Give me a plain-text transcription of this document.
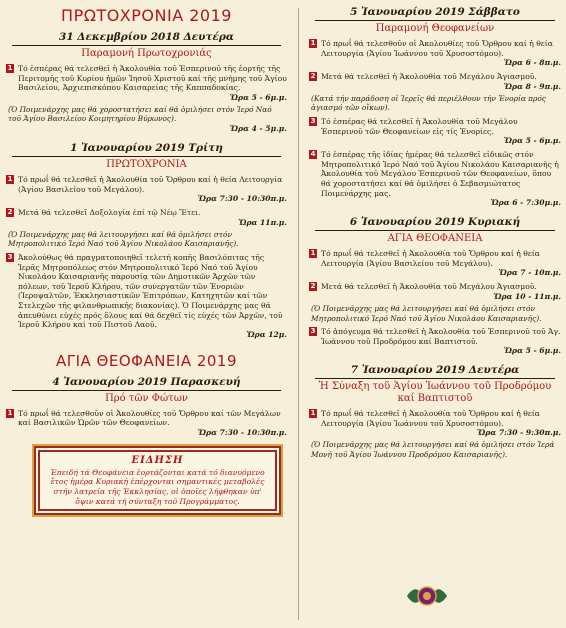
ΠΡΩΤΟΧΡΟΝΙΑ 2019

31 Δεκεμβρίου 2018 Δευτέρα

Παραμονή Πρωτοχρονιάς

1 Τό ἑσπέρας θά τελεσθεῖ ἡ Ἀκολουθία τοῦ Ἑσπερινοῦ τῆς ἑορτῆς τῆς Περιτομῆς τοῦ Κυρίου ἡμῶν Ἰησοῦ Χριστοῦ καί τῆς μνήμης τοῦ Ἁγίου Βασιλείου, Ἀρχιεπισκόπου Καισαρείας τῆς Καππαδοκίας.
Ὥρα 5 - 6μ.μ.
(Ὁ Ποιμενάρχης μας θά χοροστατήσει καί θά ὁμιλήσει στόν Ἱερό Ναό τοῦ Ἁγίου Βασιλείου Κοιμητηρίου Βύρωνος).
Ὥρα 4 - 5μ.μ.

1 Ἰανουαρίου 2019 Τρίτη

ΠΡΩΤΟΧΡΟΝΙΑ

1 Τό πρωΐ θά τελεσθεῖ ἡ Ἀκολουθία τοῦ Ὄρθρου καί ἡ θεία Λειτουργία (Ἁγίου Βασιλείου τοῦ Μεγάλου).
Ὥρα 7:30 - 10:30π.μ.
2 Μετά θά τελεσθεῖ Δοξολογία ἐπί τῷ Νέῳ Ἔτει.
Ὥρα 11π.μ.
(Ὁ Ποιμενάρχης μας θά λειτουργήσει καί θά ὁμιλήσει στόν Μητροπολιτικό Ἱερό Ναό τοῦ Ἁγίου Νικολάου Καισαριανῆς).
3 Ἀκολούθως θά πραγματοποιηθεῖ τελετή κοπῆς Βασιλόπιτας τῆς Ἱερᾶς Μητροπόλεως στόν Μητροπολιτικό Ἱερό Ναό τοῦ Ἁγίου Νικολάου Καισαριανῆς παρουσίᾳ τῶν Δημοτικῶν Ἀρχῶν τῶν πόλεων, τοῦ Ἱεροῦ Κλήρου, τῶν συνεργατῶν τῶν Ἐνοριῶν (Ἱεροψαλτῶν, Ἐκκλησιαστικῶν Ἐπιτρόπων, Κατηχητῶν καί τῶν Στελεχῶν τῆς φιλανθρωπικῆς διακονίας). Ὁ Ποιμενάρχης μας θά ἀπευθύνει εὐχές πρός ὅλους καί θά δεχθεῖ τίς εὐχές τῶν Ἀρχῶν, τοῦ Ἱεροῦ Κλήρου καί τοῦ Πιστοῦ Λαοῦ.
Ὥρα 12μ.
ΑΓΙΑ ΘΕΟΦΑΝΕΙΑ 2019

4 Ἰανουαρίου 2019 Παρασκευή

Πρό τῶν Φώτων

1 Τό πρωΐ θά τελεσθοῦν οἱ Ἀκολουθίες τοῦ Ὄρθρου καί τῶν Μεγάλων καί Βασιλικῶν Ὡρῶν τῶν Θεοφανείων.
Ὥρα 7:30 - 10:30π.μ.

ΕΙΔΗΣΗ

Ἐπειδή τά Θεοφάνεια ἑορτάζονται κατά τό διανυόμενο ἔτος ἡμέρα Κυριακή ἐπέρχονται σημαντικές μεταβολές στήν λατρεία τῆς Ἐκκλησίας, οἱ ὁποῖες λήφθηκαν ὑπ' ὄψιν κατά τή σύνταξη τοῦ Προγράμματος.

5 Ἰανουαρίου 2019 Σάββατο

Παραμονή Θεοφανείων

1 Τό πρωΐ θά τελεσθοῦν οἱ Ἀκολουθίες τοῦ Ὄρθρου καί ἡ θεία Λειτουργία (Ἁγίου Ἰωάννου τοῦ Χρυσοστόμου).
Ὥρα 6 - 8π.μ.
2 Μετά θά τελεσθεῖ ἡ Ἀκολουθία τοῦ Μεγάλου Ἁγιασμοῦ.
Ὥρα 8 - 9π.μ.
(Κατά τήν παράδοση οἱ Ἱερεῖς θά περιέλθουν τήν Ἐνορία πρός ἁγιασμό τῶν οἴκων).
3 Τό ἑσπέρας θά τελεσθεῖ ἡ Ἀκολουθία τοῦ Μεγάλου Ἑσπερινοῦ τῶν Θεοφανείων εἰς τίς Ἐνορίες.
Ὥρα 5 - 6μ.μ.
4 Τό ἑσπέρας τῆς ἰδίας ἡμέρας θά τελεσθεῖ εἰδικῶς στόν Μητροπολιτικό Ἱερό Ναό τοῦ Ἁγίου Νικολάου Καισαριανῆς ἡ Ἀκολουθία τοῦ Μεγάλου Ἑσπερινοῦ τῶν Θεοφανείων, ὅπου θά χοροστατήσει καί θά ὁμιλήσει ὁ Σεβασμιώτατος Ποιμενάρχης μας.
Ὥρα 6 - 7:30μ.μ.

6 Ἰανουαρίου 2019 Κυριακή

ΑΓΙΑ ΘΕΟΦΑΝΕΙΑ

1 Τό πρωΐ θά τελεσθεῖ ἡ Ἀκολουθία τοῦ Ὄρθρου καί ἡ θεία Λειτουργία (Ἁγίου Βασιλείου τοῦ Μεγάλου).
Ὥρα 7 - 10π.μ.
2 Μετά θά τελεσθεῖ ἡ Ἀκολουθία τοῦ Μεγάλου Ἁγιασμοῦ.
Ὥρα 10 - 11π.μ.
(Ὁ Ποιμενάρχης μας θά λειτουργήσει καί θά ὁμιλήσει στόν Μητροπολιτικό Ἱερό Ναό τοῦ Ἁγίου Νικολάου Καισαριανῆς).
3 Τό ἀπόγευμα θά τελεσθεῖ ἡ Ἀκολουθία τοῦ Ἑσπερινοῦ τοῦ Ἁγ. Ἰωάννου τοῦ Προδρόμου καί Βαπτιστοῦ.
Ὥρα 5 - 6μ.μ.

7 Ἰανουαρίου 2019 Δευτέρα

Ἡ Σύναξη τοῦ Ἁγίου Ἰωάννου τοῦ Προδρόμου καί Βαπτιστοῦ

1 Τό πρωΐ θά τελεσθεῖ ἡ Ἀκολουθία τοῦ Ὄρθρου καί ἡ θεία Λειτουργία (Ἁγίου Ἰωάννου τοῦ Χρυσοστόμου).
Ὥρα 7:30 - 9:30π.μ.
(Ὁ Ποιμενάρχης μας θά λειτουργήσει καί θά ὁμιλήσει στόν Ἱερά Μονή τοῦ Ἁγίου Ἰωάννου Προδρόμου Καισαριανῆς).
